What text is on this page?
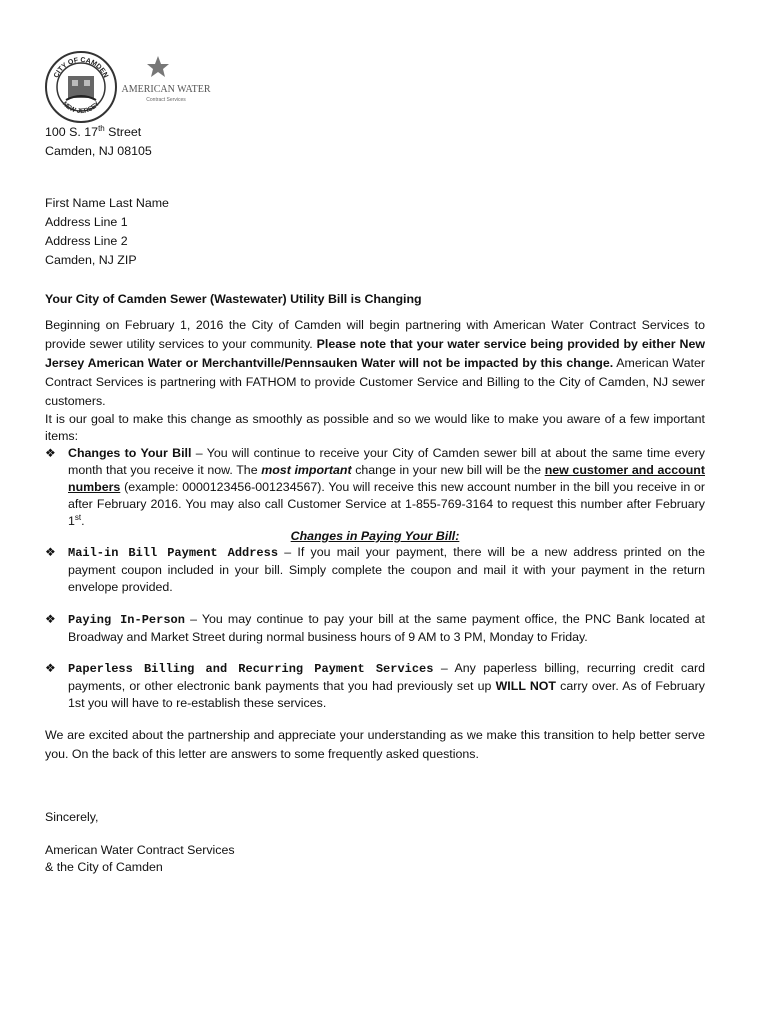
CITY OF CAMDEN
NEW JERSEY
AMERICAN WATER
Contract Services
100 S. 17th Street
Camden, NJ 08105
First Name Last Name
Address Line 1
Address Line 2
Camden, NJ ZIP
Your City of Camden Sewer (Wastewater) Utility Bill is Changing
Beginning on February 1, 2016 the City of Camden will begin partnering with American Water Contract Services to provide sewer utility services to your community. Please note that your water service being provided by either New Jersey American Water or Merchantville/Pennsauken Water will not be impacted by this change. American Water Contract Services is partnering with FATHOM to provide Customer Service and Billing to the City of Camden, NJ sewer customers.
It is our goal to make this change as smoothly as possible and so we would like to make you aware of a few important items:
❖ Changes to Your Bill – You will continue to receive your City of Camden sewer bill at about the same time every month that you receive it now. The most important change in your new bill will be the new customer and account numbers (example: 0000123456-001234567). You will receive this new account number in the bill you receive in or after February 2016. You may also call Customer Service at 1-855-769-3164 to request this number after February 1st.
Changes in Paying Your Bill:
❖	Mail-in Bill Payment Address – If you mail your payment, there will be a new address printed on the payment coupon included in your bill. Simply complete the coupon and mail it with your payment in the return envelope provided.
❖	Paying In-Person – You may continue to pay your bill at the same payment office, the PNC Bank located at Broadway and Market Street during normal business hours of 9 AM to 3 PM, Monday to Friday.
❖	Paperless Billing and Recurring Payment Services – Any paperless billing, recurring credit card payments, or other electronic bank payments that you had previously set up WILL NOT carry over. As of February 1st you will have to re-establish these services.
We are excited about the partnership and appreciate your understanding as we make this transition to help better serve you. On the back of this letter are answers to some frequently asked questions.
Sincerely,
American Water Contract Services
& the City of Camden
